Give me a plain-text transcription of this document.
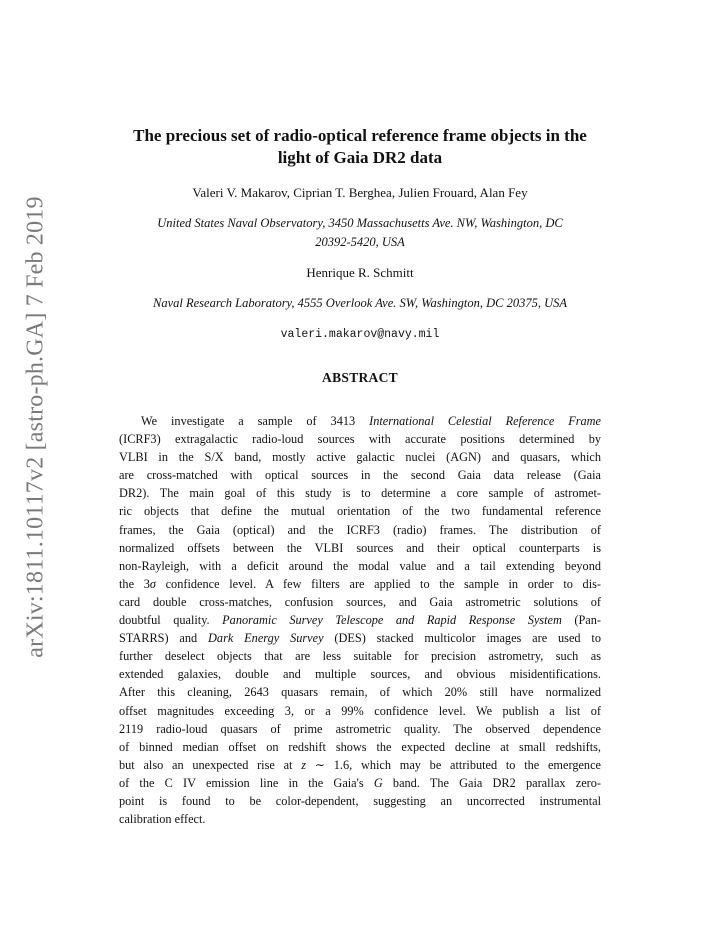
arXiv:1811.10117v2 [astro-ph.GA] 7 Feb 2019
The precious set of radio-optical reference frame objects in the
light of Gaia DR2 data
Valeri V. Makarov, Ciprian T. Berghea, Julien Frouard, Alan Fey
United States Naval Observatory, 3450 Massachusetts Ave. NW, Washington, DC
20392-5420, USA
Henrique R. Schmitt
Naval Research Laboratory, 4555 Overlook Ave. SW, Washington, DC 20375, USA
valeri.makarov@navy.mil
ABSTRACT
We investigate a sample of 3413 International Celestial Reference Frame
(ICRF3) extragalactic radio-loud sources with accurate positions determined by
VLBI in the S/X band, mostly active galactic nuclei (AGN) and quasars, which
are cross-matched with optical sources in the second Gaia data release (Gaia
DR2). The main goal of this study is to determine a core sample of astromet-
ric objects that define the mutual orientation of the two fundamental reference
frames, the Gaia (optical) and the ICRF3 (radio) frames. The distribution of
normalized offsets between the VLBI sources and their optical counterparts is
non-Rayleigh, with a deficit around the modal value and a tail extending beyond
the 3σ confidence level. A few filters are applied to the sample in order to dis-
card double cross-matches, confusion sources, and Gaia astrometric solutions of
doubtful quality. Panoramic Survey Telescope and Rapid Response System (Pan-
STARRS) and Dark Energy Survey (DES) stacked multicolor images are used to
further deselect objects that are less suitable for precision astrometry, such as
extended galaxies, double and multiple sources, and obvious misidentifications.
After this cleaning, 2643 quasars remain, of which 20% still have normalized
offset magnitudes exceeding 3, or a 99% confidence level. We publish a list of
2119 radio-loud quasars of prime astrometric quality. The observed dependence
of binned median offset on redshift shows the expected decline at small redshifts,
but also an unexpected rise at z ∼ 1.6, which may be attributed to the emergence
of the C IV emission line in the Gaia's G band. The Gaia DR2 parallax zero-
point is found to be color-dependent, suggesting an uncorrected instrumental
calibration effect.
